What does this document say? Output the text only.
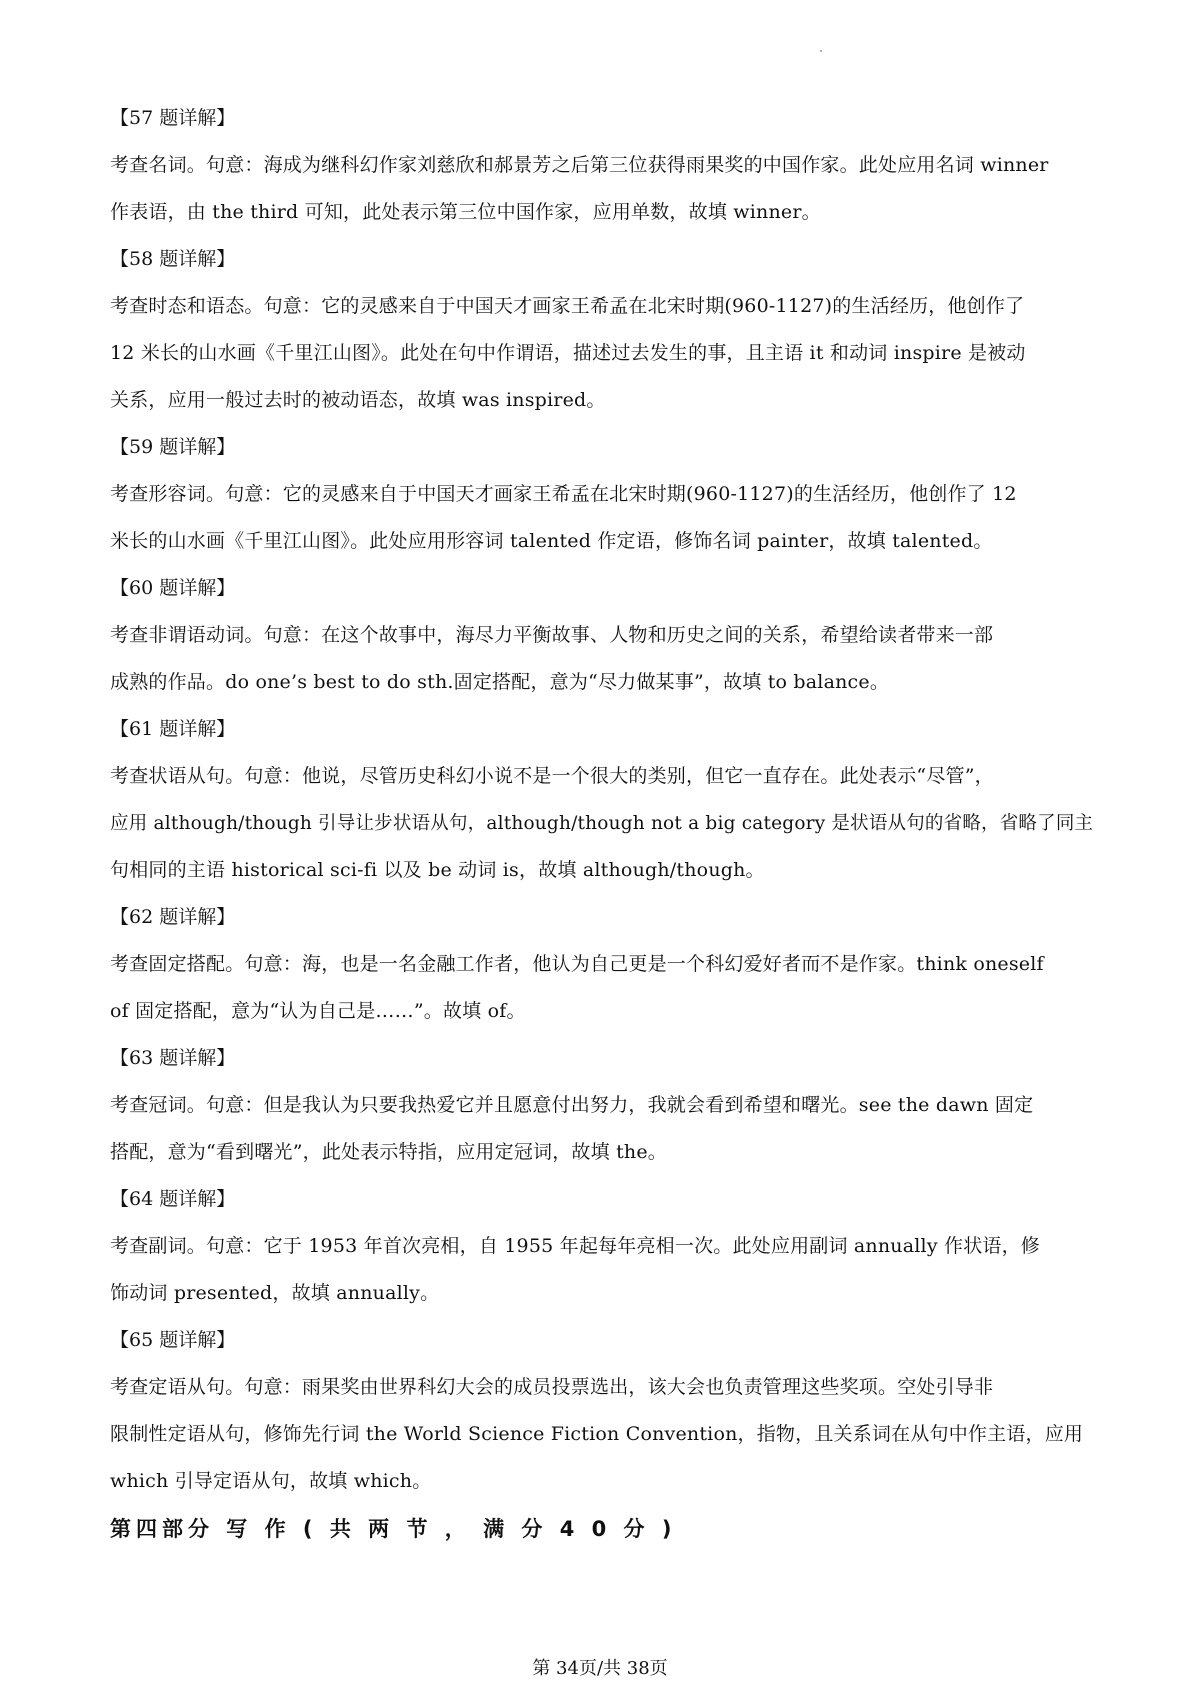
【57 题详解】
考查名词。句意：海成为继科幻作家刘慈欣和郝景芳之后第三位获得雨果奖的中国作家。此处应用名词 winner
作表语，由 the third 可知，此处表示第三位中国作家，应用单数，故填 winner。
【58 题详解】
考查时态和语态。句意：它的灵感来自于中国天才画家王希孟在北宋时期(960-1127)的生活经历，他创作了
12 米长的山水画《千里江山图》。此处在句中作谓语，描述过去发生的事，且主语 it 和动词 inspire 是被动
关系，应用一般过去时的被动语态，故填 was inspired。
【59 题详解】
考查形容词。句意：它的灵感来自于中国天才画家王希孟在北宋时期(960-1127)的生活经历，他创作了 12
米长的山水画《千里江山图》。此处应用形容词 talented 作定语，修饰名词 painter，故填 talented。
【60 题详解】
考查非谓语动词。句意：在这个故事中，海尽力平衡故事、人物和历史之间的关系，希望给读者带来一部
成熟的作品。do one’s best to do sth.固定搭配，意为“尽力做某事”，故填 to balance。
【61 题详解】
考查状语从句。句意：他说，尽管历史科幻小说不是一个很大的类别，但它一直存在。此处表示“尽管”，
应用 although/though 引导让步状语从句，although/though not a big category 是状语从句的省略，省略了同主
句相同的主语 historical sci-fi 以及 be 动词 is，故填 although/though。
【62 题详解】
考查固定搭配。句意：海，也是一名金融工作者，他认为自己更是一个科幻爱好者而不是作家。think oneself
of 固定搭配，意为“认为自己是……”。故填 of。
【63 题详解】
考查冠词。句意：但是我认为只要我热爱它并且愿意付出努力，我就会看到希望和曙光。see the dawn 固定
搭配，意为“看到曙光”，此处表示特指，应用定冠词，故填 the。
【64 题详解】
考查副词。句意：它于 1953 年首次亮相，自 1955 年起每年亮相一次。此处应用副词 annually 作状语，修
饰动词 presented，故填 annually。
【65 题详解】
考查定语从句。句意：雨果奖由世界科幻大会的成员投票选出，该大会也负责管理这些奖项。空处引导非
限制性定语从句，修饰先行词 the World Science Fiction Convention，指物，且关系词在从句中作主语，应用
which 引导定语从句，故填 which。
第四部分 写 作 ( 共 两 节 ， 满 分 4 0 分 )
第 34页/共 38页
